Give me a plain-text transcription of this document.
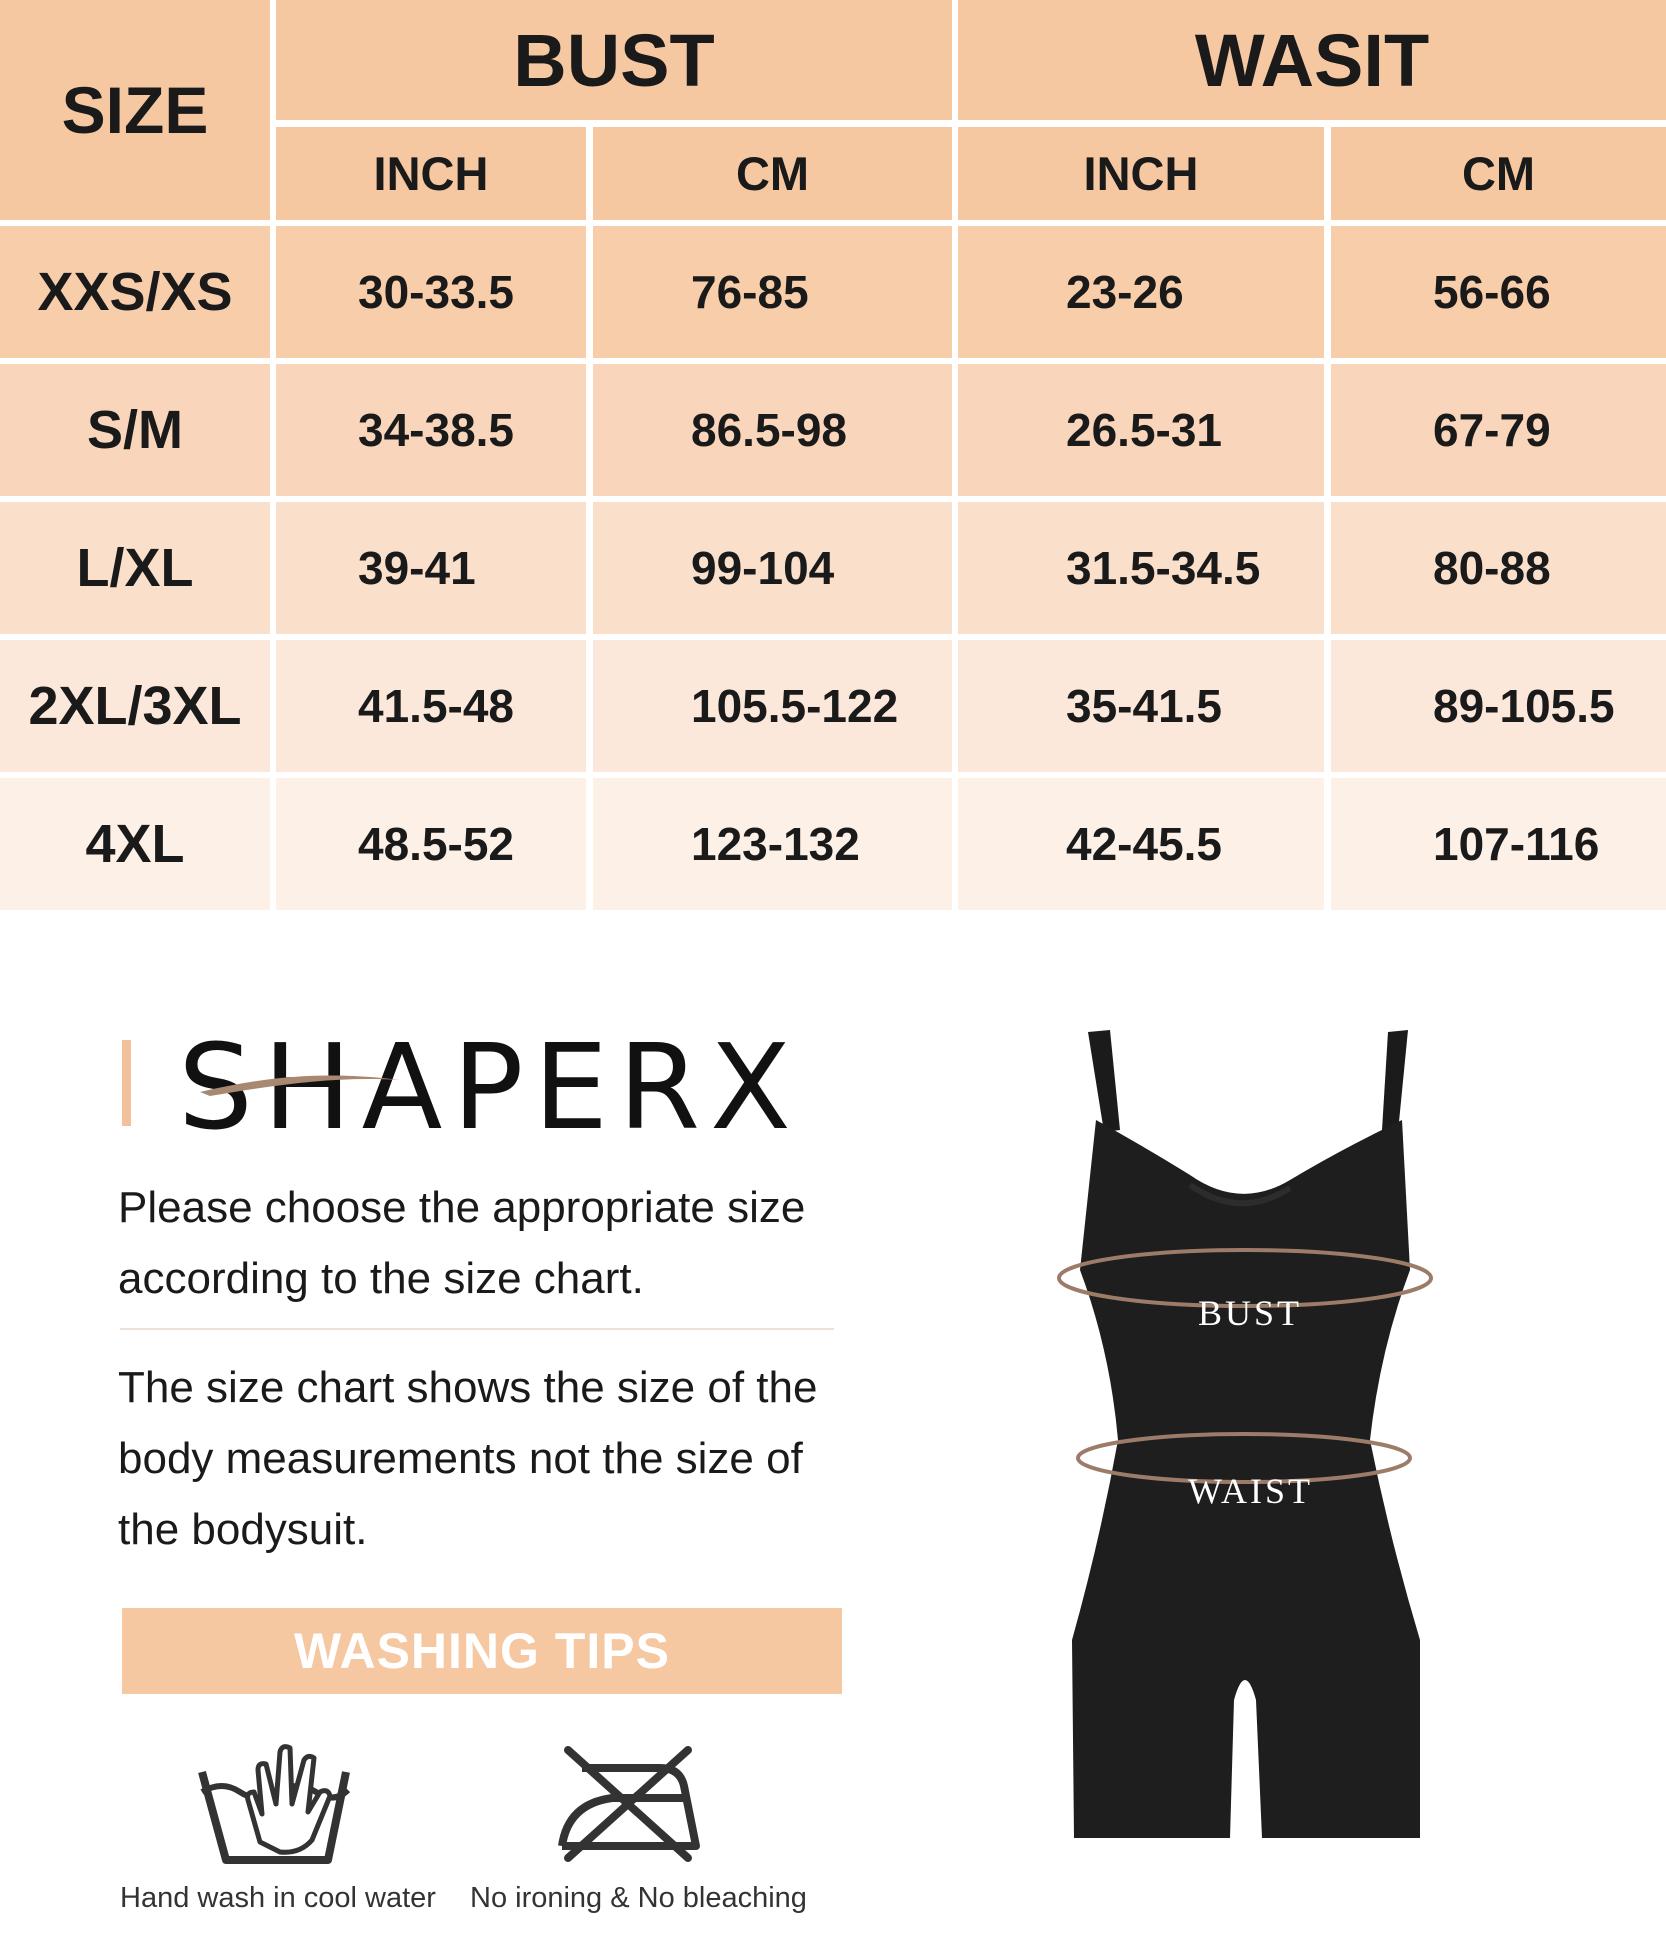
SIZE
BUST	WASIT
INCH	CM	INCH	CM
XXS/XS	30-33.5	76-85	23-26	56-66
S/M	34-38.5	86.5-98	26.5-31	67-79
L/XL	39-41	99-104	31.5-34.5	80-88
2XL/3XL	41.5-48	105.5-122	35-41.5	89-105.5
4XL	48.5-52	123-132	42-45.5	107-116
SHAPERX
Please choose the appropriate size according to the size chart.
The size chart shows the size of the body measurements not the size of the bodysuit.
WASHING TIPS
Hand wash in cool water No ironing & No bleaching
BUST
WAIST
